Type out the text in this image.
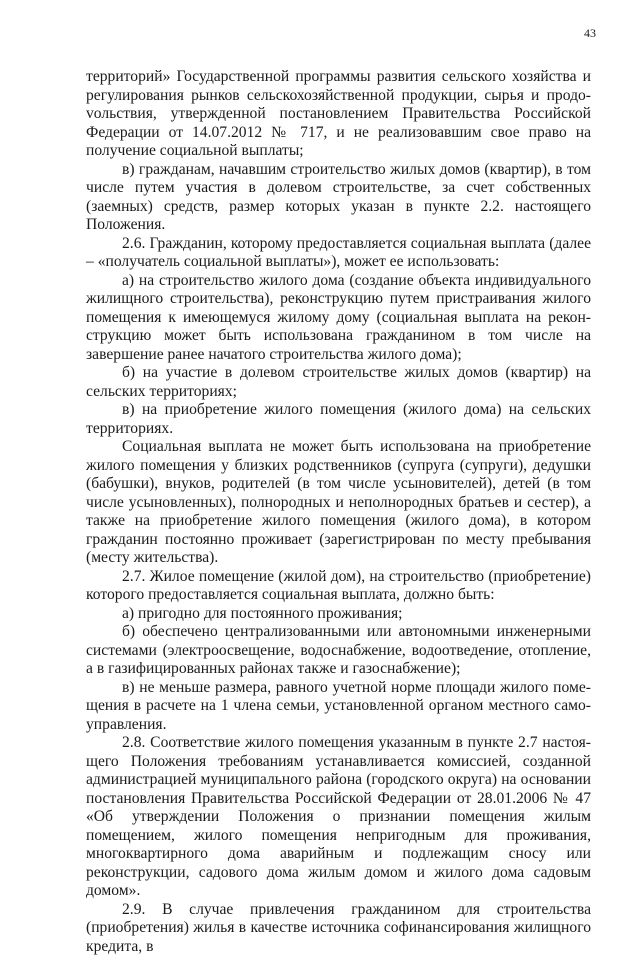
43

территорий» Государственной программы развития сельского хозяйства и регулирования рынков сельскохозяйственной продукции, сырья и продоvольствия, утвержденной постановлением Правительства Российской Федерации от 14.07.2012 № 717, и не реализовавшим свое право на получение социальной выплаты;

в) гражданам, начавшим строительство жилых домов (квартир), в том числе путем участия в долевом строительстве, за счет собственных (заемных) средств, размер которых указан в пункте 2.2. настоящего Положения.

2.6. Гражданин, которому предоставляется социальная выплата (далее – «получатель социальной выплаты»), может ее использовать:

а) на строительство жилого дома (создание объекта индивидуального жилищного строительства), реконструкцию путем пристраивания жилого помещения к имеющемуся жилому дому (социальная выплата на реконструкцию может быть использована гражданином в том числе на завершение ранее начатого строительства жилого дома);

б) на участие в долевом строительстве жилых домов (квартир) на сельских территориях;

в) на приобретение жилого помещения (жилого дома) на сельских территориях.

Социальная выплата не может быть использована на приобретение жилого помещения у близких родственников (супруга (супруги), дедушки (бабушки), внуков, родителей (в том числе усыновителей), детей (в том числе усыновленных), полнородных и неполнородных братьев и сестер), а также на приобретение жилого помещения (жилого дома), в котором гражданин постоянно проживает (зарегистрирован по месту пребывания (месту жительства).

2.7. Жилое помещение (жилой дом), на строительство (приобретение) которого предоставляется социальная выплата, должно быть:

а) пригодно для постоянного проживания;

б) обеспечено централизованными или автономными инженерными системами (электроосвещение, водоснабжение, водоотведение, отопление, а в газифицированных районах также и газоснабжение);

в) не меньше размера, равного учетной норме площади жилого помещения в расчете на 1 члена семьи, установленной органом местного самоуправления.

2.8. Соответствие жилого помещения указанным в пункте 2.7 настоящего Положения требованиям устанавливается комиссией, созданной администрацией муниципального района (городского округа) на основании постановления Правительства Российской Федерации от 28.01.2006 № 47 «Об утверждении Положения о признании помещения жилым помещением, жилого помещения непригодным для проживания, многоквартирного дома аварийным и подлежащим сносу или реконструкции, садового дома жилым домом и жилого дома садовым домом».

2.9. В случае привлечения гражданином для строительства (приобретения) жилья в качестве источника софинансирования жилищного кредита, в
